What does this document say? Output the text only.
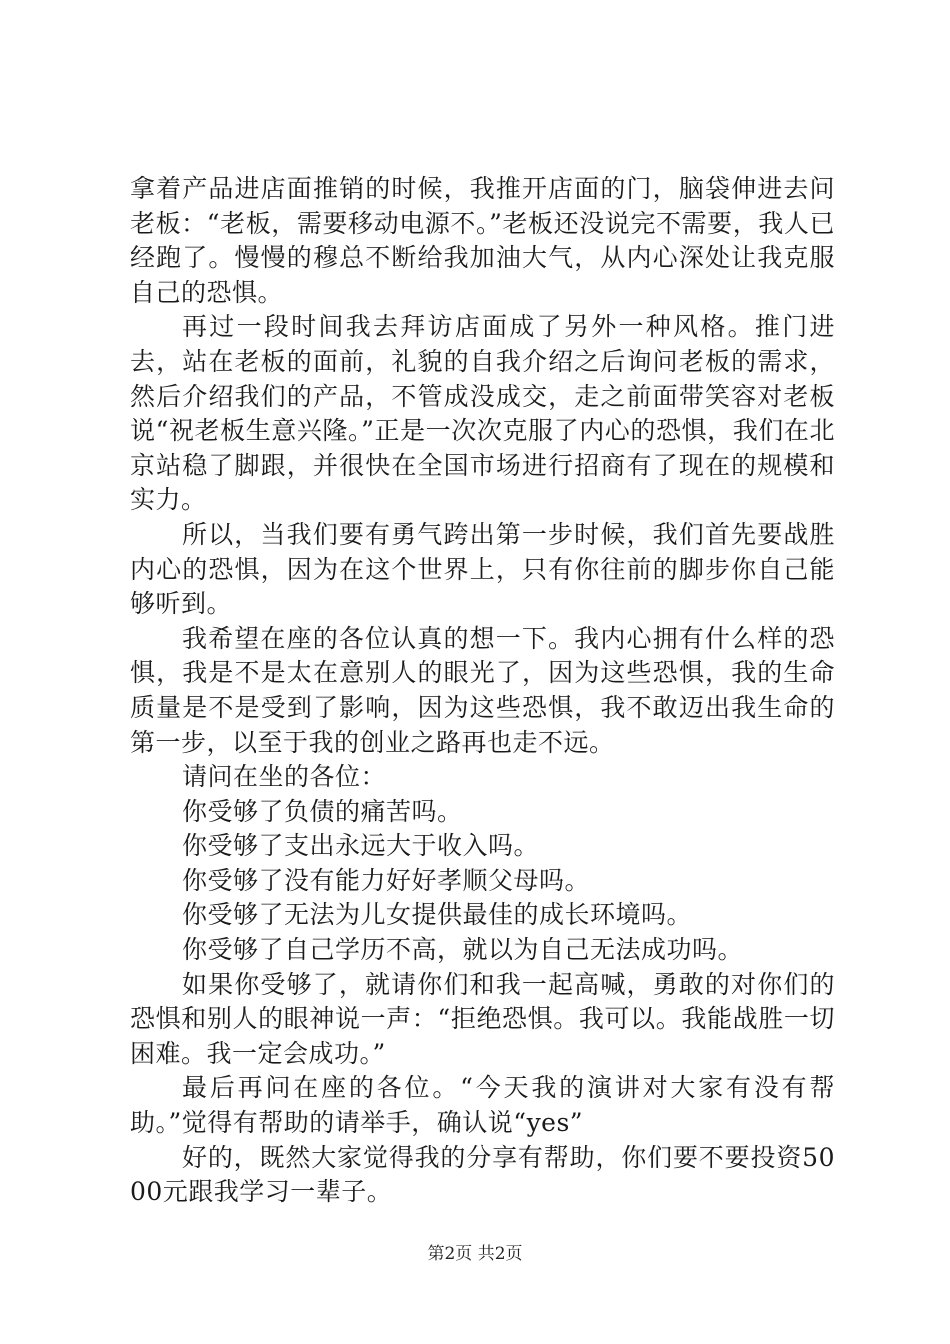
拿着产品进店面推销的时候，我推开店面的门，脑袋伸进去问老板：“老板，需要移动电源不。”老板还没说完不需要，我人已经跑了。慢慢的穆总不断给我加油大气，从内心深处让我克服自己的恐惧。

再过一段时间我去拜访店面成了另外一种风格。推门进去，站在老板的面前，礼貌的自我介绍之后询问老板的需求，然后介绍我们的产品，不管成没成交，走之前面带笑容对老板说“祝老板生意兴隆。”正是一次次克服了内心的恐惧，我们在北京站稳了脚跟，并很快在全国市场进行招商有了现在的规模和实力。

所以，当我们要有勇气跨出第一步时候，我们首先要战胜内心的恐惧，因为在这个世界上，只有你往前的脚步你自己能够听到。

我希望在座的各位认真的想一下。我内心拥有什么样的恐惧，我是不是太在意别人的眼光了，因为这些恐惧，我的生命质量是不是受到了影响，因为这些恐惧，我不敢迈出我生命的第一步，以至于我的创业之路再也走不远。

请问在坐的各位：

你受够了负债的痛苦吗。

你受够了支出永远大于收入吗。

你受够了没有能力好好孝顺父母吗。

你受够了无法为儿女提供最佳的成长环境吗。

你受够了自己学历不高，就以为自己无法成功吗。

如果你受够了，就请你们和我一起高喊，勇敢的对你们的恐惧和别人的眼神说一声：“拒绝恐惧。我可以。我能战胜一切困难。我一定会成功。”

最后再问在座的各位。“今天我的演讲对大家有没有帮助。”觉得有帮助的请举手，确认说“yes”

好的，既然大家觉得我的分享有帮助，你们要不要投资5000元跟我学习一辈子。

第2页 共2页
